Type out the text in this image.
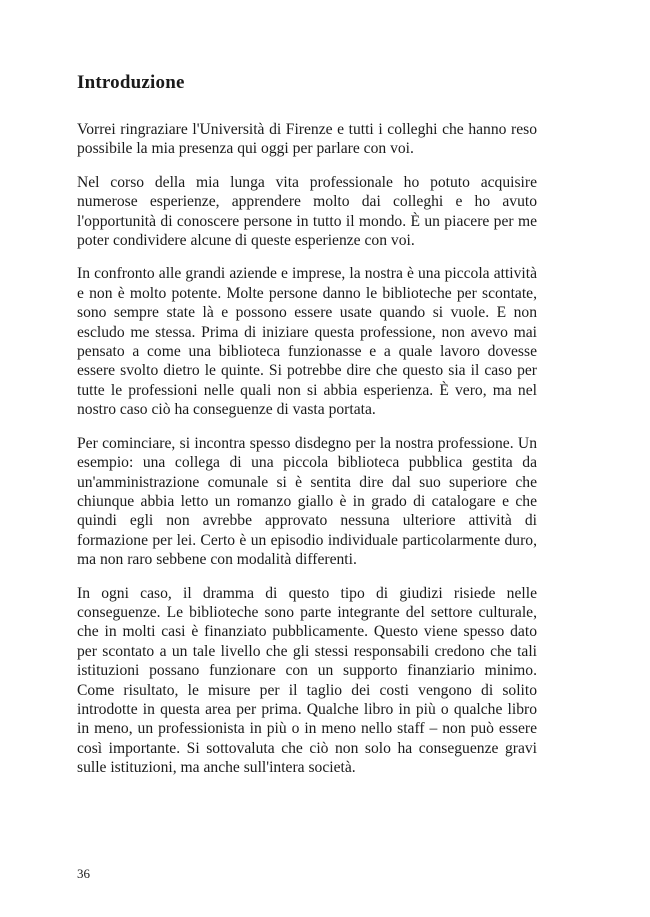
Introduzione

Vorrei ringraziare l'Università di Firenze e tutti i colleghi che hanno reso possibile la mia presenza qui oggi per parlare con voi.

Nel corso della mia lunga vita professionale ho potuto acquisire numerose esperienze, apprendere molto dai colleghi e ho avuto l'opportunità di conoscere persone in tutto il mondo. È un piacere per me poter condividere alcune di queste esperienze con voi.

In confronto alle grandi aziende e imprese, la nostra è una piccola attività e non è molto potente. Molte persone danno le biblioteche per scontate, sono sempre state là e possono essere usate quando si vuole. E non escludo me stessa. Prima di iniziare questa professione, non avevo mai pensato a come una biblioteca funzionasse e a quale lavoro dovesse essere svolto dietro le quinte. Si potrebbe dire che questo sia il caso per tutte le professioni nelle quali non si abbia esperienza. È vero, ma nel nostro caso ciò ha conseguenze di vasta portata.

Per cominciare, si incontra spesso disdegno per la nostra professione. Un esempio: una collega di una piccola biblioteca pubblica gestita da un'amministrazione comunale si è sentita dire dal suo superiore che chiunque abbia letto un romanzo giallo è in grado di catalogare e che quindi egli non avrebbe approvato nessuna ulteriore attività di formazione per lei. Certo è un episodio individuale particolarmente duro, ma non raro sebbene con modalità differenti.

In ogni caso, il dramma di questo tipo di giudizi risiede nelle conseguenze. Le biblioteche sono parte integrante del settore culturale, che in molti casi è finanziato pubblicamente. Questo viene spesso dato per scontato a un tale livello che gli stessi responsabili credono che tali istituzioni possano funzionare con un supporto finanziario minimo. Come risultato, le misure per il taglio dei costi vengono di solito introdotte in questa area per prima. Qualche libro in più o qualche libro in meno, un professionista in più o in meno nello staff – non può essere così importante. Si sottovaluta che ciò non solo ha conseguenze gravi sulle istituzioni, ma anche sull'intera società.

36
